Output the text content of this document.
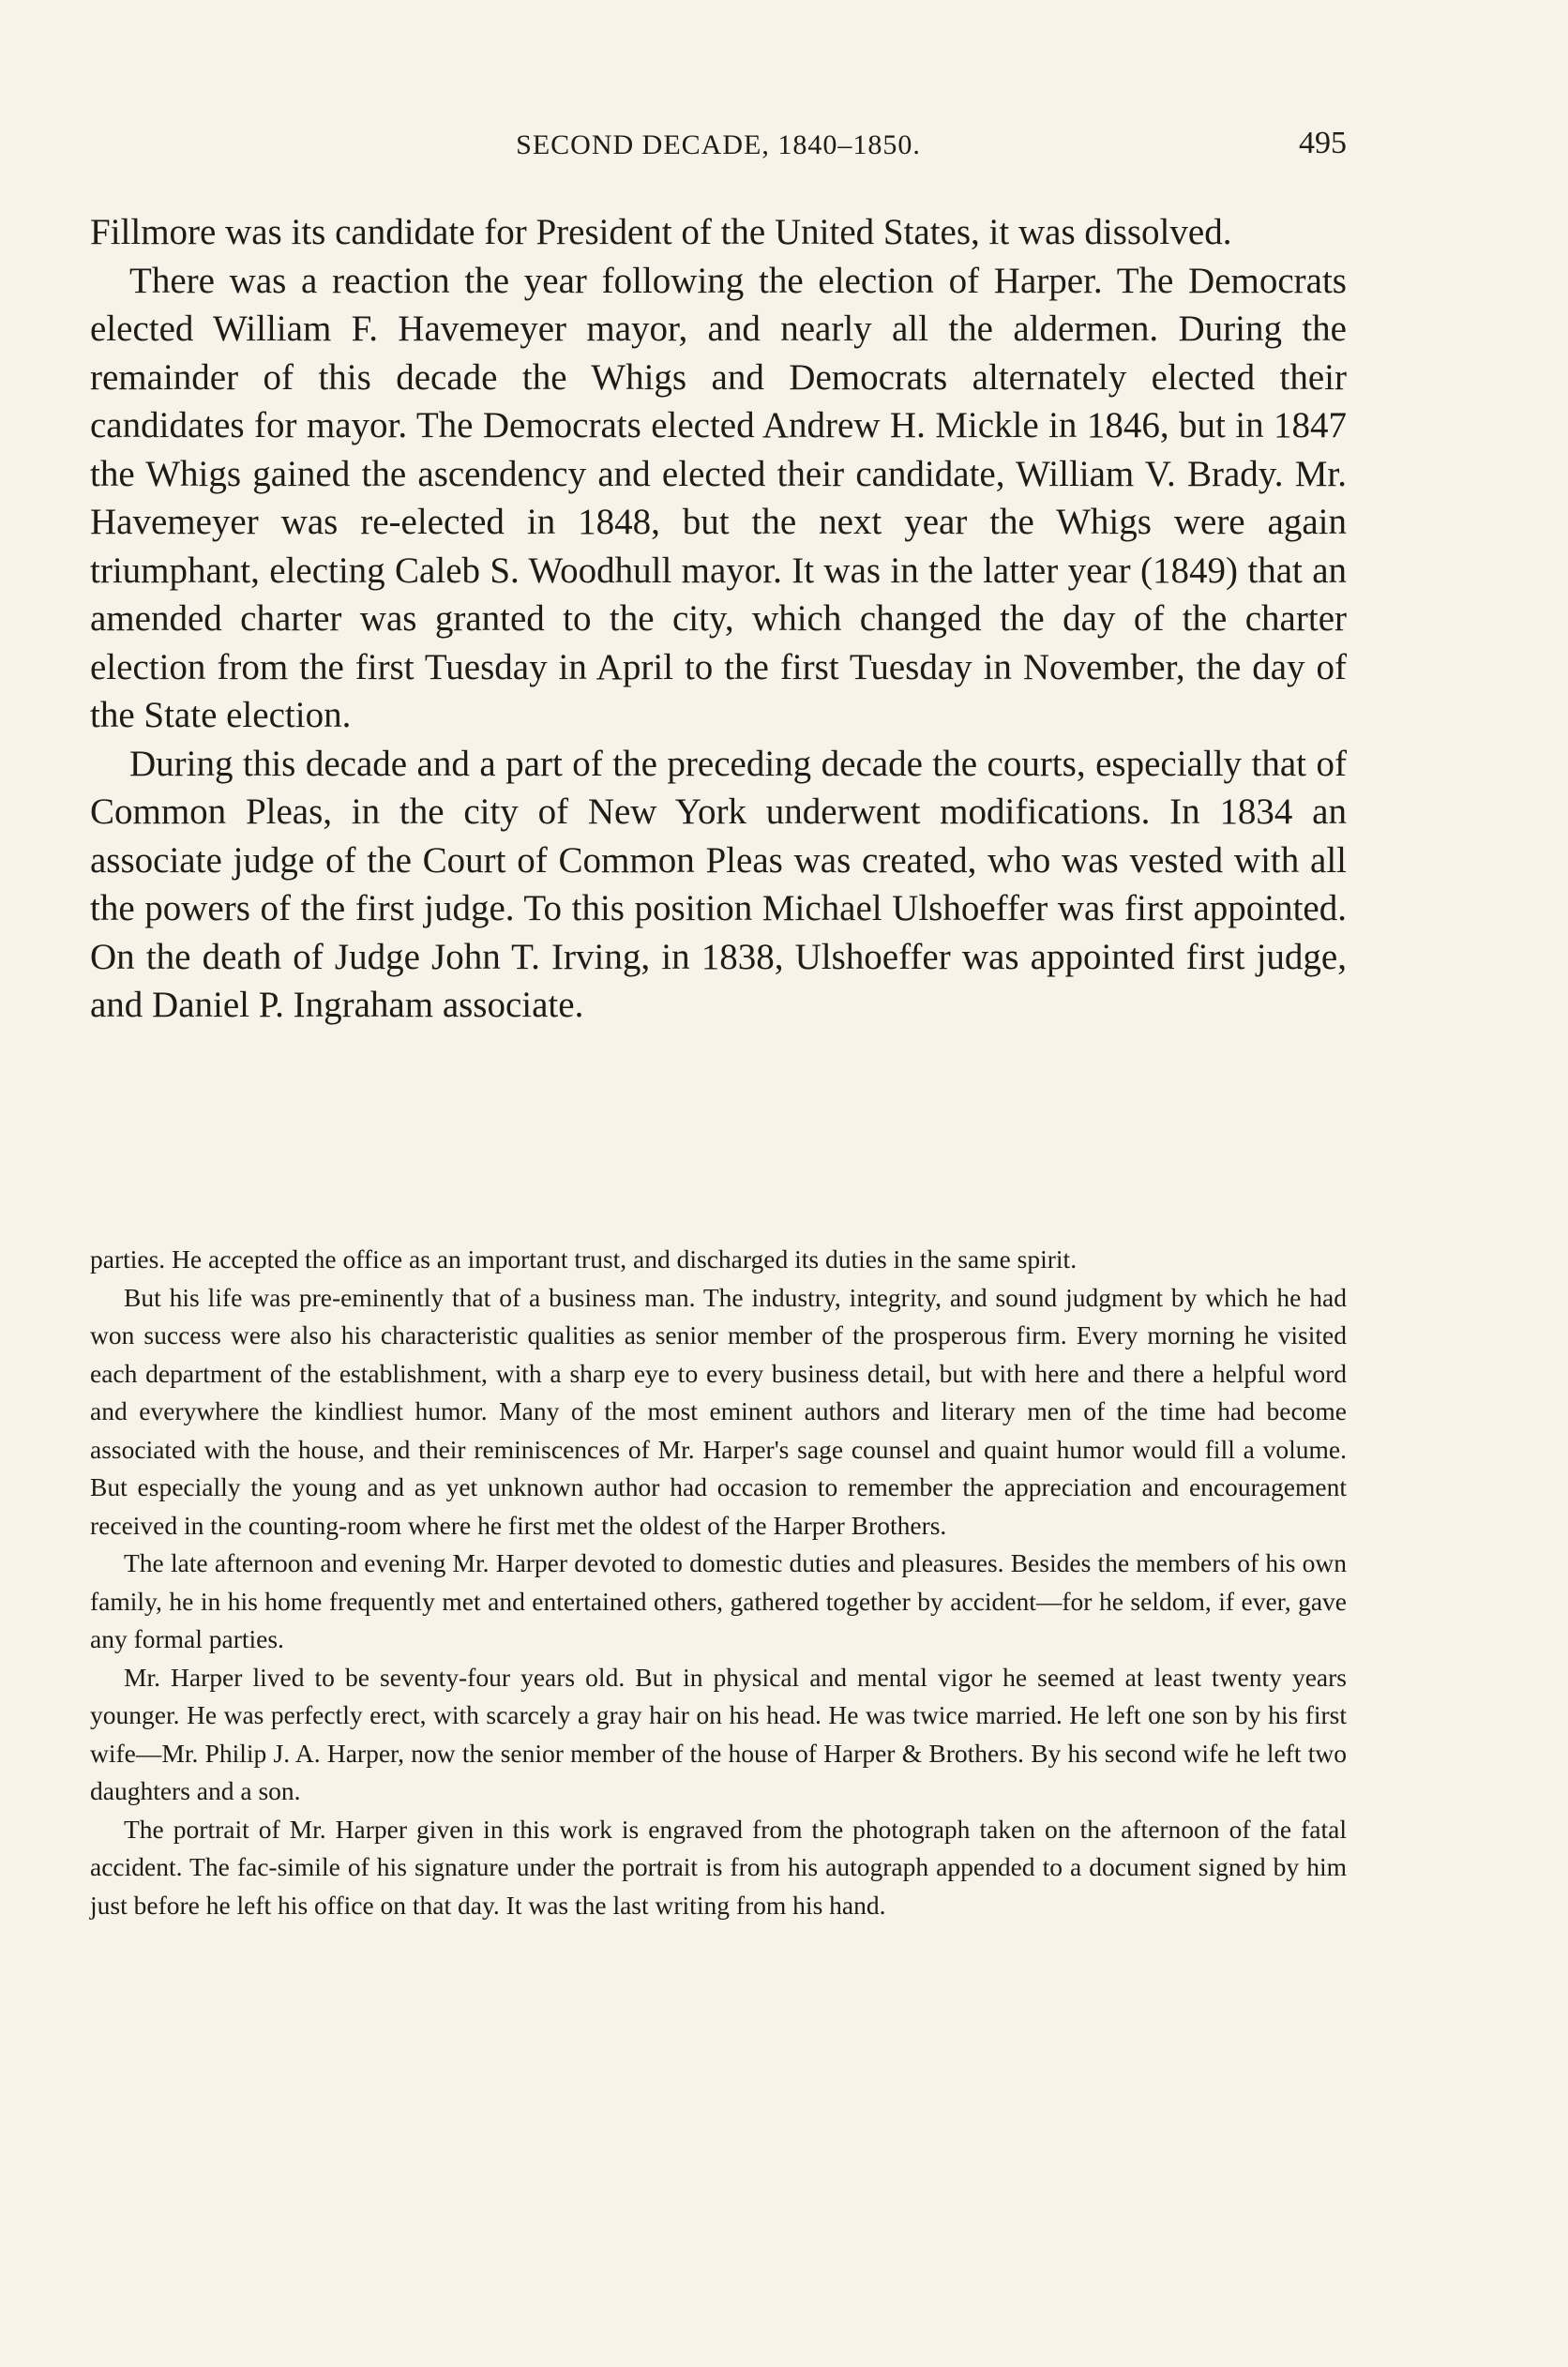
SECOND DECADE, 1840–1850.	495

Fillmore was its candidate for President of the United States, it was dissolved.

There was a reaction the year following the election of Harper. The Democrats elected William F. Havemeyer mayor, and nearly all the aldermen. During the remainder of this decade the Whigs and Democrats alternately elected their candidates for mayor. The Democrats elected Andrew H. Mickle in 1846, but in 1847 the Whigs gained the ascendency and elected their candidate, William V. Brady. Mr. Havemeyer was re-elected in 1848, but the next year the Whigs were again triumphant, electing Caleb S. Woodhull mayor. It was in the latter year (1849) that an amended charter was granted to the city, which changed the day of the charter election from the first Tuesday in April to the first Tuesday in November, the day of the State election.

During this decade and a part of the preceding decade the courts, especially that of Common Pleas, in the city of New York underwent modifications. In 1834 an associate judge of the Court of Common Pleas was created, who was vested with all the powers of the first judge. To this position Michael Ulshoeffer was first appointed. On the death of Judge John T. Irving, in 1838, Ulshoeffer was appointed first judge, and Daniel P. Ingraham associate.

parties. He accepted the office as an important trust, and discharged its duties in the same spirit.

But his life was pre-eminently that of a business man. The industry, integrity, and sound judgment by which he had won success were also his characteristic qualities as senior member of the prosperous firm. Every morning he visited each department of the establishment, with a sharp eye to every business detail, but with here and there a helpful word and everywhere the kindliest humor. Many of the most eminent authors and literary men of the time had become associated with the house, and their reminiscences of Mr. Harper's sage counsel and quaint humor would fill a volume. But especially the young and as yet unknown author had occasion to remember the appreciation and encouragement received in the counting-room where he first met the oldest of the Harper Brothers.

The late afternoon and evening Mr. Harper devoted to domestic duties and pleasures. Besides the members of his own family, he in his home frequently met and entertained others, gathered together by accident—for he seldom, if ever, gave any formal parties.

Mr. Harper lived to be seventy-four years old. But in physical and mental vigor he seemed at least twenty years younger. He was perfectly erect, with scarcely a gray hair on his head. He was twice married. He left one son by his first wife—Mr. Philip J. A. Harper, now the senior member of the house of Harper & Brothers. By his second wife he left two daughters and a son.

The portrait of Mr. Harper given in this work is engraved from the photograph taken on the afternoon of the fatal accident. The fac-simile of his signature under the portrait is from his autograph appended to a document signed by him just before he left his office on that day. It was the last writing from his hand.
